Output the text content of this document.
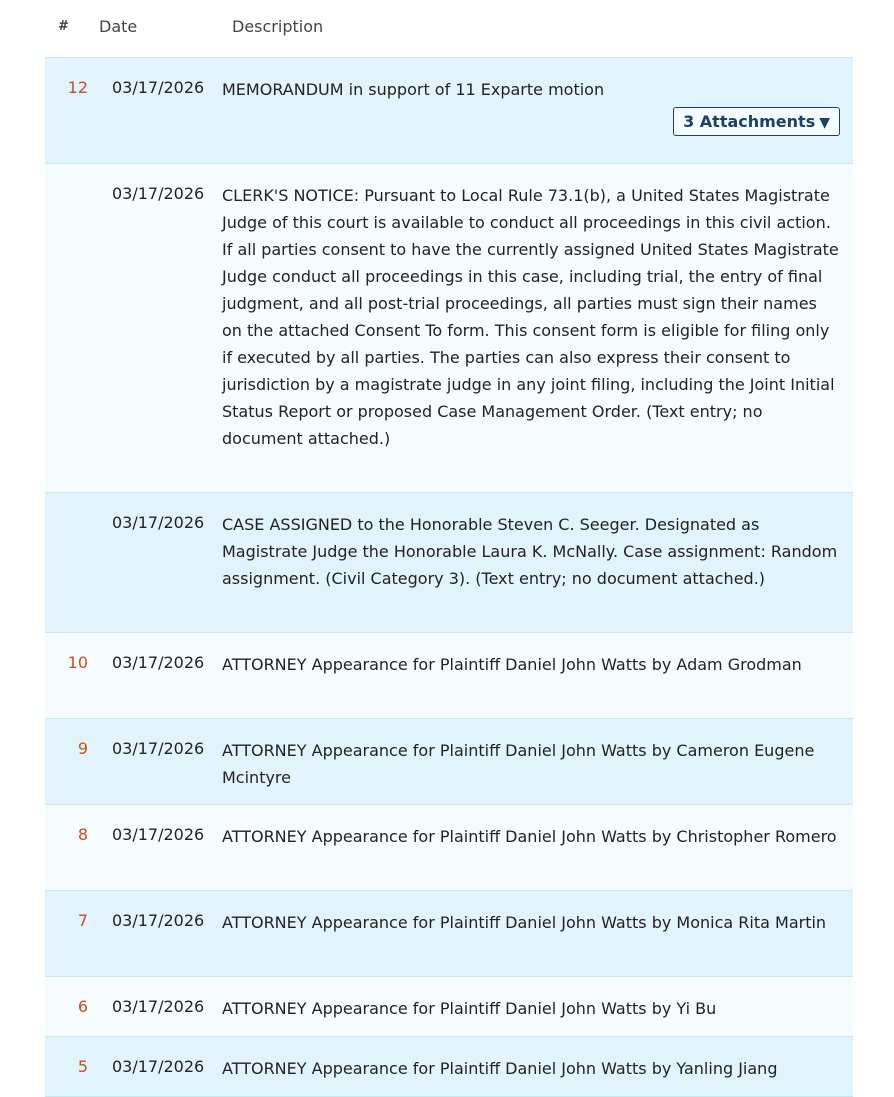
# Date	Description
12 03/17/2026 MEMORANDUM in support of 11 Exparte motion
3 Attachments ▼
03/17/2026 CLERK'S NOTICE: Pursuant to Local Rule 73.1(b), a United States Magistrate Judge of this court is available to conduct all proceedings in this civil action. If all parties consent to have the currently assigned United States Magistrate Judge conduct all proceedings in this case, including trial, the entry of final judgment, and all post-trial proceedings, all parties must sign their names on the attached Consent To form. This consent form is eligible for filing only if executed by all parties. The parties can also express their consent to jurisdiction by a magistrate judge in any joint filing, including the Joint Initial Status Report or proposed Case Management Order. (Text entry; no document attached.)
03/17/2026 CASE ASSIGNED to the Honorable Steven C. Seeger. Designated as Magistrate Judge the Honorable Laura K. McNally. Case assignment: Random assignment. (Civil Category 3). (Text entry; no document attached.)
10 03/17/2026 ATTORNEY Appearance for Plaintiff Daniel John Watts by Adam Grodman
9 03/17/2026 ATTORNEY Appearance for Plaintiff Daniel John Watts by Cameron Eugene Mcintyre
8 03/17/2026 ATTORNEY Appearance for Plaintiff Daniel John Watts by Christopher Romero
7 03/17/2026 ATTORNEY Appearance for Plaintiff Daniel John Watts by Monica Rita Martin
6 03/17/2026 ATTORNEY Appearance for Plaintiff Daniel John Watts by Yi Bu
5 03/17/2026 ATTORNEY Appearance for Plaintiff Daniel John Watts by Yanling Jiang
